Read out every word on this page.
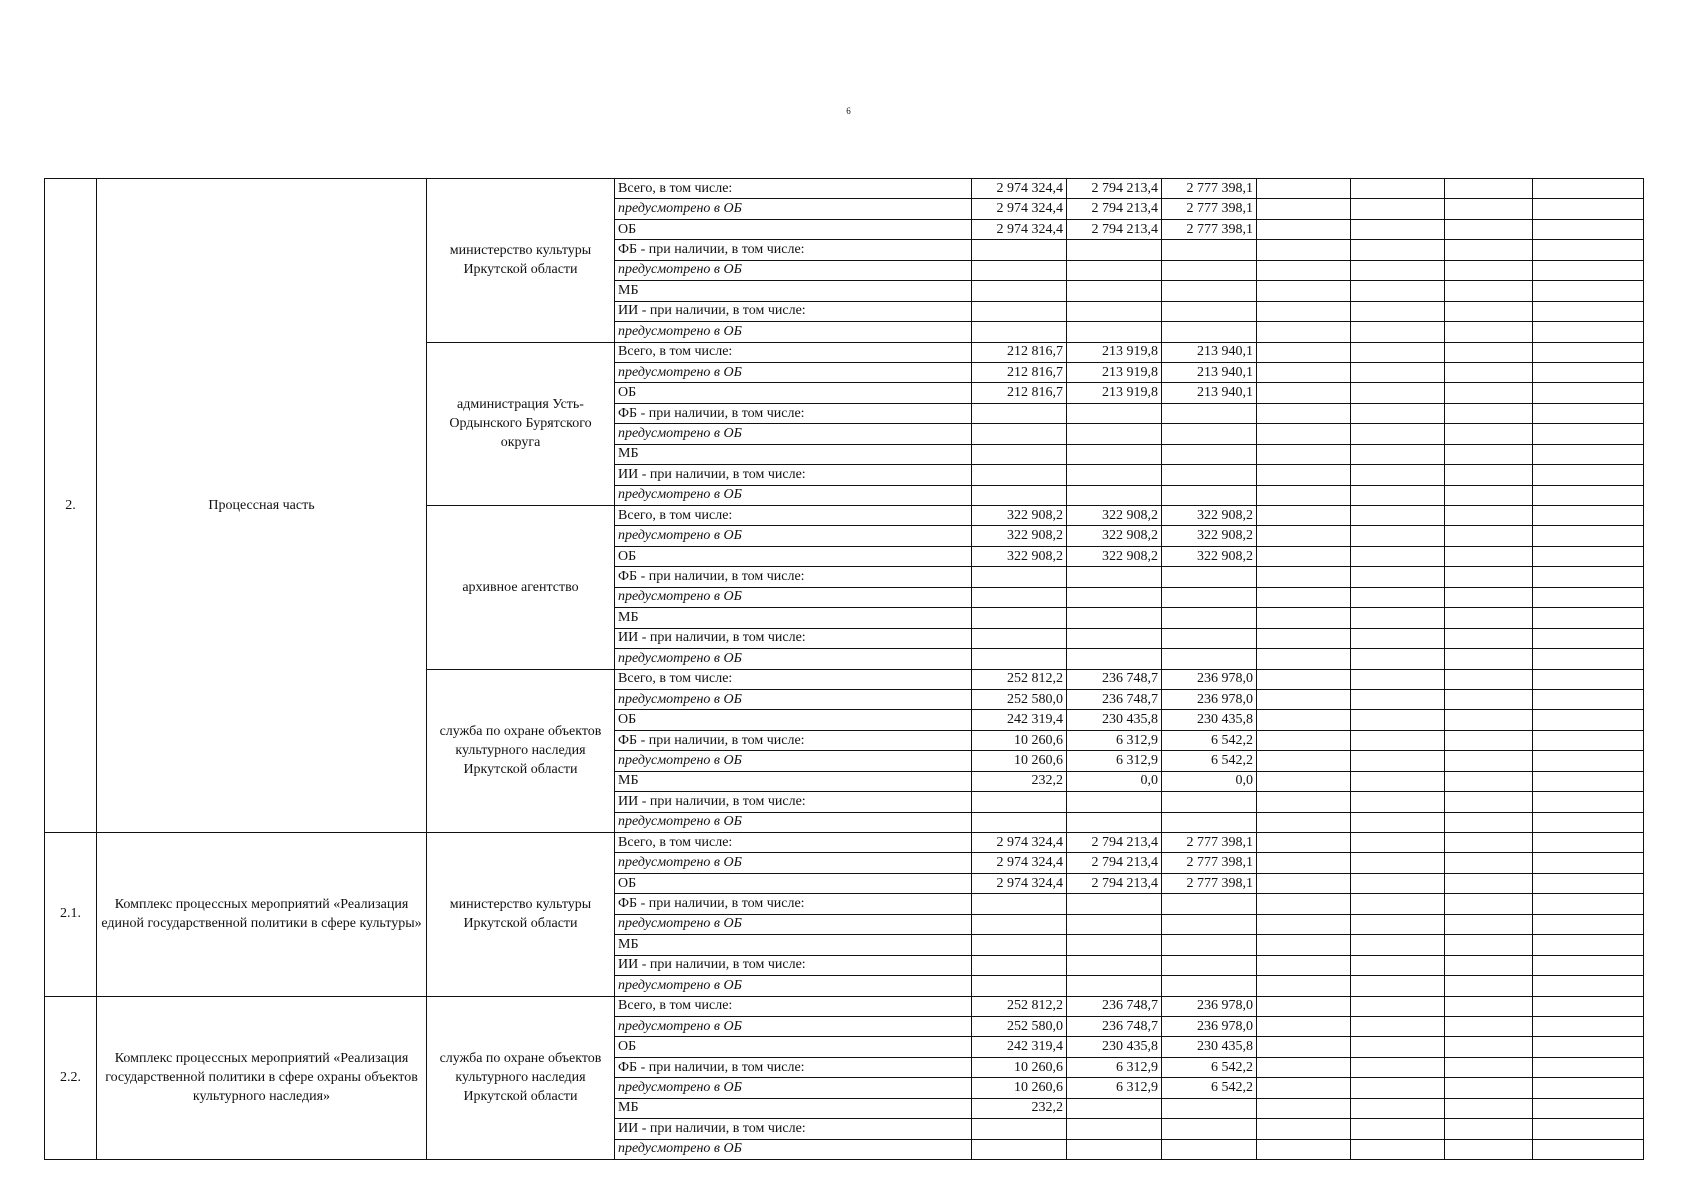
6
2.	Процессная часть	министерство культуры Иркутской области	Всего, в том числе:	2 974 324,4	2 794 213,4	2 777 398,1				
			предусмотрено в ОБ	2 974 324,4	2 794 213,4	2 777 398,1				
			ОБ	2 974 324,4	2 794 213,4	2 777 398,1				
			ФБ - при наличии, в том числе:							
			предусмотрено в ОБ							
			МБ							
			ИИ - при наличии, в том числе:							
			предусмотрено в ОБ							
		администрация Усть-Ордынского Бурятского округа	Всего, в том числе:	212 816,7	213 919,8	213 940,1				
			предусмотрено в ОБ	212 816,7	213 919,8	213 940,1				
			ОБ	212 816,7	213 919,8	213 940,1				
			ФБ - при наличии, в том числе:							
			предусмотрено в ОБ							
			МБ							
			ИИ - при наличии, в том числе:							
			предусмотрено в ОБ							
		архивное агентство	Всего, в том числе:	322 908,2	322 908,2	322 908,2				
			предусмотрено в ОБ	322 908,2	322 908,2	322 908,2				
			ОБ	322 908,2	322 908,2	322 908,2				
			ФБ - при наличии, в том числе:							
			предусмотрено в ОБ							
			МБ							
			ИИ - при наличии, в том числе:							
			предусмотрено в ОБ							
		служба по охране объектов культурного наследия Иркутской области	Всего, в том числе:	252 812,2	236 748,7	236 978,0				
			предусмотрено в ОБ	252 580,0	236 748,7	236 978,0				
			ОБ	242 319,4	230 435,8	230 435,8				
			ФБ - при наличии, в том числе:	10 260,6	6 312,9	6 542,2				
			предусмотрено в ОБ	10 260,6	6 312,9	6 542,2				
			МБ	232,2	0,0	0,0				
			ИИ - при наличии, в том числе:							
			предусмотрено в ОБ							
2.1.	Комплекс процессных мероприятий «Реализация единой государственной политики в сфере культуры»	министерство культуры Иркутской области	Всего, в том числе:	2 974 324,4	2 794 213,4	2 777 398,1				
			предусмотрено в ОБ	2 974 324,4	2 794 213,4	2 777 398,1				
			ОБ	2 974 324,4	2 794 213,4	2 777 398,1				
			ФБ - при наличии, в том числе:							
			предусмотрено в ОБ							
			МБ							
			ИИ - при наличии, в том числе:							
			предусмотрено в ОБ							
2.2.	Комплекс процессных мероприятий «Реализация государственной политики в сфере охраны объектов культурного наследия»	служба по охране объектов культурного наследия Иркутской области	Всего, в том числе:	252 812,2	236 748,7	236 978,0				
			предусмотрено в ОБ	252 580,0	236 748,7	236 978,0				
			ОБ	242 319,4	230 435,8	230 435,8				
			ФБ - при наличии, в том числе:	10 260,6	6 312,9	6 542,2				
			предусмотрено в ОБ	10 260,6	6 312,9	6 542,2				
			МБ	232,2						
			ИИ - при наличии, в том числе:							
			предусмотрено в ОБ							
